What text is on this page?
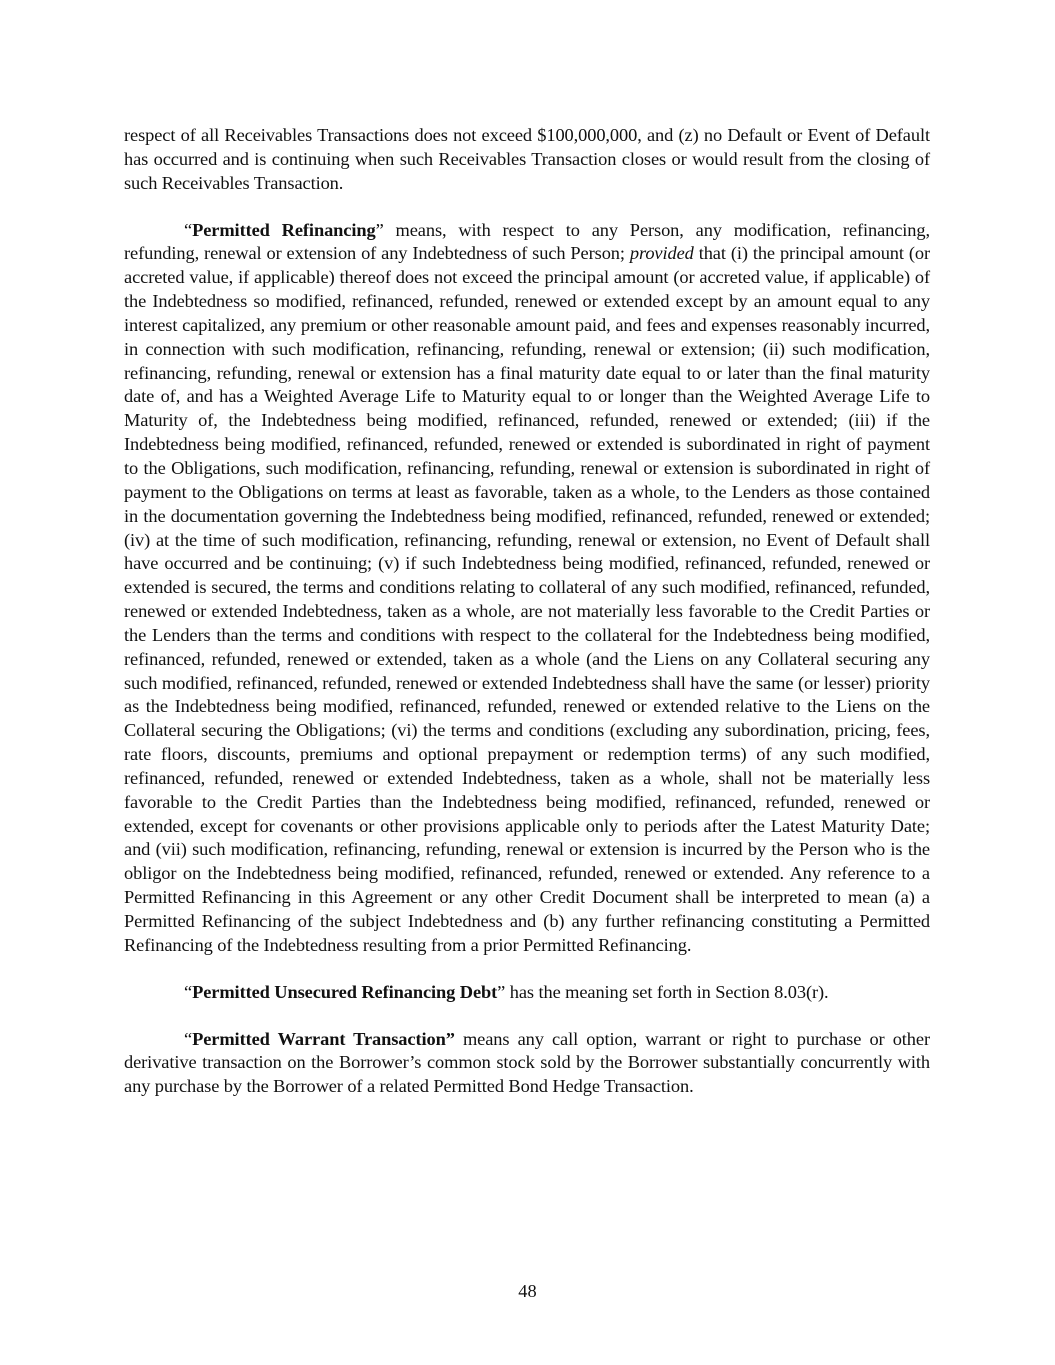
respect of all Receivables Transactions does not exceed $100,000,000, and (z) no Default or Event of Default has occurred and is continuing when such Receivables Transaction closes or would result from the closing of such Receivables Transaction.

“Permitted Refinancing” means, with respect to any Person, any modification, refinancing, refunding, renewal or extension of any Indebtedness of such Person; provided that (i) the principal amount (or accreted value, if applicable) thereof does not exceed the principal amount (or accreted value, if applicable) of the Indebtedness so modified, refinanced, refunded, renewed or extended except by an amount equal to any interest capitalized, any premium or other reasonable amount paid, and fees and expenses reasonably incurred, in connection with such modification, refinancing, refunding, renewal or extension; (ii) such modification, refinancing, refunding, renewal or extension has a final maturity date equal to or later than the final maturity date of, and has a Weighted Average Life to Maturity equal to or longer than the Weighted Average Life to Maturity of, the Indebtedness being modified, refinanced, refunded, renewed or extended; (iii) if the Indebtedness being modified, refinanced, refunded, renewed or extended is subordinated in right of payment to the Obligations, such modification, refinancing, refunding, renewal or extension is subordinated in right of payment to the Obligations on terms at least as favorable, taken as a whole, to the Lenders as those contained in the documentation governing the Indebtedness being modified, refinanced, refunded, renewed or extended; (iv) at the time of such modification, refinancing, refunding, renewal or extension, no Event of Default shall have occurred and be continuing; (v) if such Indebtedness being modified, refinanced, refunded, renewed or extended is secured, the terms and conditions relating to collateral of any such modified, refinanced, refunded, renewed or extended Indebtedness, taken as a whole, are not materially less favorable to the Credit Parties or the Lenders than the terms and conditions with respect to the collateral for the Indebtedness being modified, refinanced, refunded, renewed or extended, taken as a whole (and the Liens on any Collateral securing any such modified, refinanced, refunded, renewed or extended Indebtedness shall have the same (or lesser) priority as the Indebtedness being modified, refinanced, refunded, renewed or extended relative to the Liens on the Collateral securing the Obligations; (vi) the terms and conditions (excluding any subordination, pricing, fees, rate floors, discounts, premiums and optional prepayment or redemption terms) of any such modified, refinanced, refunded, renewed or extended Indebtedness, taken as a whole, shall not be materially less favorable to the Credit Parties than the Indebtedness being modified, refinanced, refunded, renewed or extended, except for covenants or other provisions applicable only to periods after the Latest Maturity Date; and (vii) such modification, refinancing, refunding, renewal or extension is incurred by the Person who is the obligor on the Indebtedness being modified, refinanced, refunded, renewed or extended. Any reference to a Permitted Refinancing in this Agreement or any other Credit Document shall be interpreted to mean (a) a Permitted Refinancing of the subject Indebtedness and (b) any further refinancing constituting a Permitted Refinancing of the Indebtedness resulting from a prior Permitted Refinancing.

“Permitted Unsecured Refinancing Debt” has the meaning set forth in Section 8.03(r).

“Permitted Warrant Transaction” means any call option, warrant or right to purchase or other derivative transaction on the Borrower’s common stock sold by the Borrower substantially concurrently with any purchase by the Borrower of a related Permitted Bond Hedge Transaction.

48
